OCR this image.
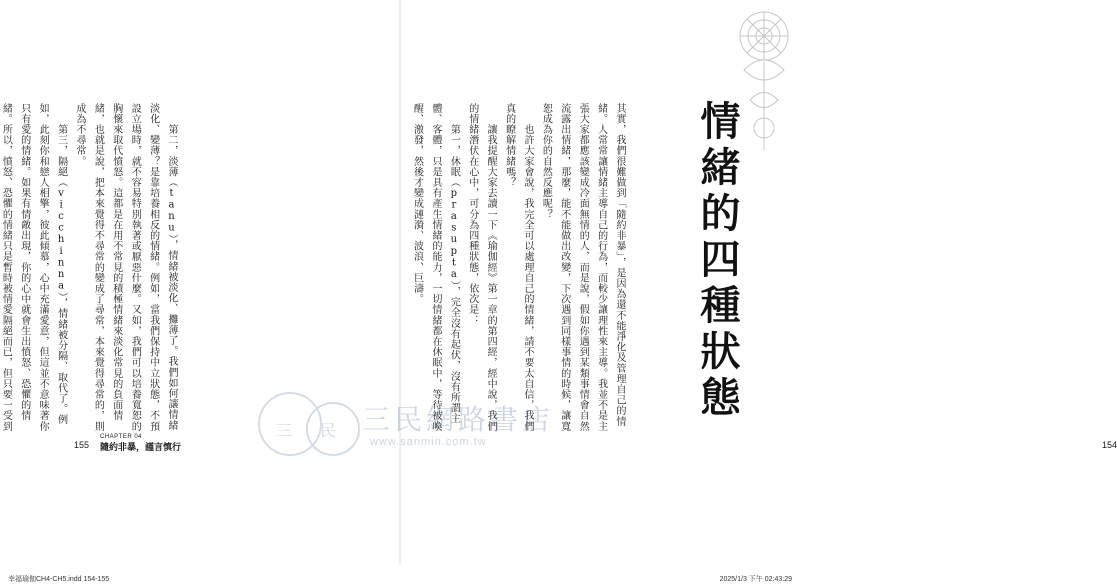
　　第二，淡薄（tanu），情緒被淡化、攤薄了。我們如何讓情緒淡化、變薄？是靠培養相反的情緒。例如，當我們保持中立狀態，不預設立場時，就不容易特別執著或厭惡什麼。又如，我們可以培養寬恕的胸懷來取代憤怒。這都是在用不常見的積極情緒來淡化常見的負面情緒，也就是說，把本來覺得不尋常的變成了尋常，本來覺得尋常的，則成為不尋常。
　　第三，隔絕（vicchinna），情緒被分隔、取代了。例如，此刻你和戀人相擎，彼此傾慕，心中充滿愛意，但這並不意味著你只有愛的情緒。如果有情敵出現，你的心中就會生出憤怒、恐懼的情緒。所以，憤怒、恐懼的情緒只是暫時被情愛隔絕而已，但只要一受到

155
CHAPTER 04
隨約非暴，謹言慎行
其實，我們很難做到「隨約非暴」，是因為還不能淨化及管理自己的情緒。人常常讓情緒主導自己的行為，而較少讓理性來主導。我並不是主張大家都應該變成冷面無情的人，而是說，假如你遇到某類事情會自然流露出情緒，那麼，能不能做出改變，下次遇到同樣事情的時候，讓寬恕成為你的自然反應呢？
　　也許大家會說，我完全可以處理自己的情緒，請不要太自信，我們真的瞭解情緒嗎？
　　讓我提醒大家去讀一下《瑜伽經》第一章的第四經，經中說，我們的情緒潛伏在心中，可分為四種狀態，依次是：
　　第一，休眠（prasupta），完全沒有起伏，沒有所謂主體、客體，只是具有產生情緒的能力，一切情緒都在休眠中，等待被喚醒、激發，然後才變成漣漪、波浪、巨濤。
154
情緒的四種狀態
三 民 三民網路書店
www.sanmin.com.tw
幸福瑜伽CH4-CH5.indd 154-155	2025/1/3 下午 02:43:29
